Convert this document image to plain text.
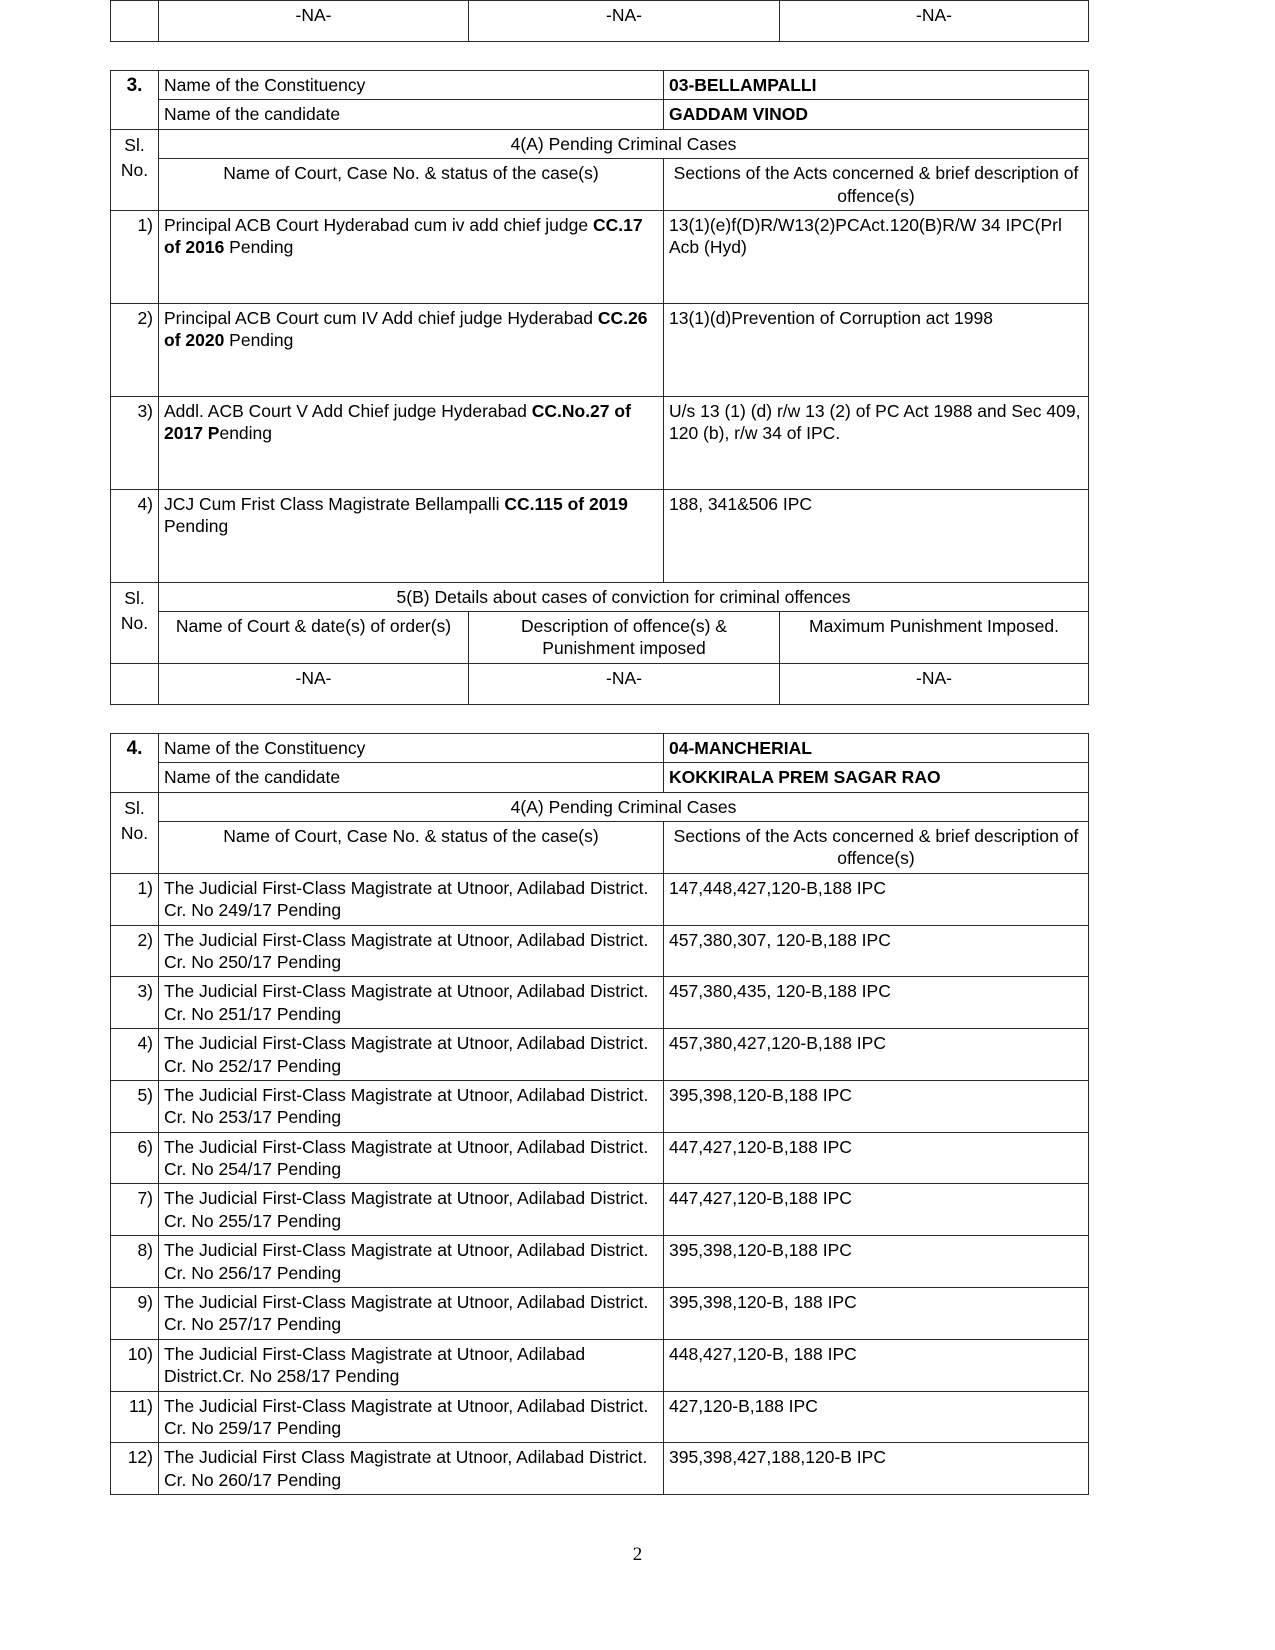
	-NA-	-NA-	-NA-

3.	Name of the Constituency	03-BELLAMPALLI
	Name of the candidate	GADDAM VINOD
Sl.
No.	4(A) Pending Criminal Cases	
	Name of Court, Case No. & status of the case(s)	Sections of the Acts concerned & brief description of offence(s)
1)	Principal ACB Court Hyderabad cum iv add chief judge CC.17 of 2016 Pending	13(1)(e)f(D)R/W13(2)PCAct.120(B)R/W 34 IPC(Prl Acb (Hyd)
2)	Principal ACB Court cum IV Add chief judge Hyderabad CC.26 of 2020 Pending	13(1)(d)Prevention of Corruption act 1998
3)	Addl. ACB Court V Add Chief judge Hyderabad CC.No.27 of 2017 Pending	U/s 13 (1) (d) r/w 13 (2) of PC Act 1988 and Sec 409, 120 (b), r/w 34 of IPC.
4)	JCJ Cum Frist Class Magistrate Bellampalli CC.115 of 2019 Pending	188, 341&506 IPC
Sl.
No.	5(B) Details about cases of conviction for criminal offences		
	Name of Court & date(s) of order(s)	Description of offence(s) & Punishment imposed	Maximum Punishment Imposed.
	-NA-	-NA-	-NA-

4.	Name of the Constituency	04-MANCHERIAL
	Name of the candidate	KOKKIRALA PREM SAGAR RAO
Sl.
No.	4(A) Pending Criminal Cases	
	Name of Court, Case No. & status of the case(s)	Sections of the Acts concerned & brief description of offence(s)
1)	The Judicial First-Class Magistrate at Utnoor, Adilabad District. Cr. No 249/17 Pending	147,448,427,120-B,188 IPC
2)	The Judicial First-Class Magistrate at Utnoor, Adilabad District. Cr. No 250/17 Pending	457,380,307, 120-B,188 IPC
3)	The Judicial First-Class Magistrate at Utnoor, Adilabad District. Cr. No 251/17 Pending	457,380,435, 120-B,188 IPC
4)	The Judicial First-Class Magistrate at Utnoor, Adilabad District. Cr. No 252/17 Pending	457,380,427,120-B,188 IPC
5)	The Judicial First-Class Magistrate at Utnoor, Adilabad District. Cr. No 253/17 Pending	395,398,120-B,188 IPC
6)	The Judicial First-Class Magistrate at Utnoor, Adilabad District. Cr. No 254/17 Pending	447,427,120-B,188 IPC
7)	The Judicial First-Class Magistrate at Utnoor, Adilabad District. Cr. No 255/17 Pending	447,427,120-B,188 IPC
8)	The Judicial First-Class Magistrate at Utnoor, Adilabad District. Cr. No 256/17 Pending	395,398,120-B,188 IPC
9)	The Judicial First-Class Magistrate at Utnoor, Adilabad District. Cr. No 257/17 Pending	395,398,120-B, 188 IPC
10)	The Judicial First-Class Magistrate at Utnoor, Adilabad District.Cr. No 258/17 Pending	448,427,120-B, 188 IPC
11)	The Judicial First-Class Magistrate at Utnoor, Adilabad District. Cr. No 259/17 Pending	427,120-B,188 IPC
12)	The Judicial First Class Magistrate at Utnoor, Adilabad District. Cr. No 260/17 Pending	395,398,427,188,120-B IPC
2
